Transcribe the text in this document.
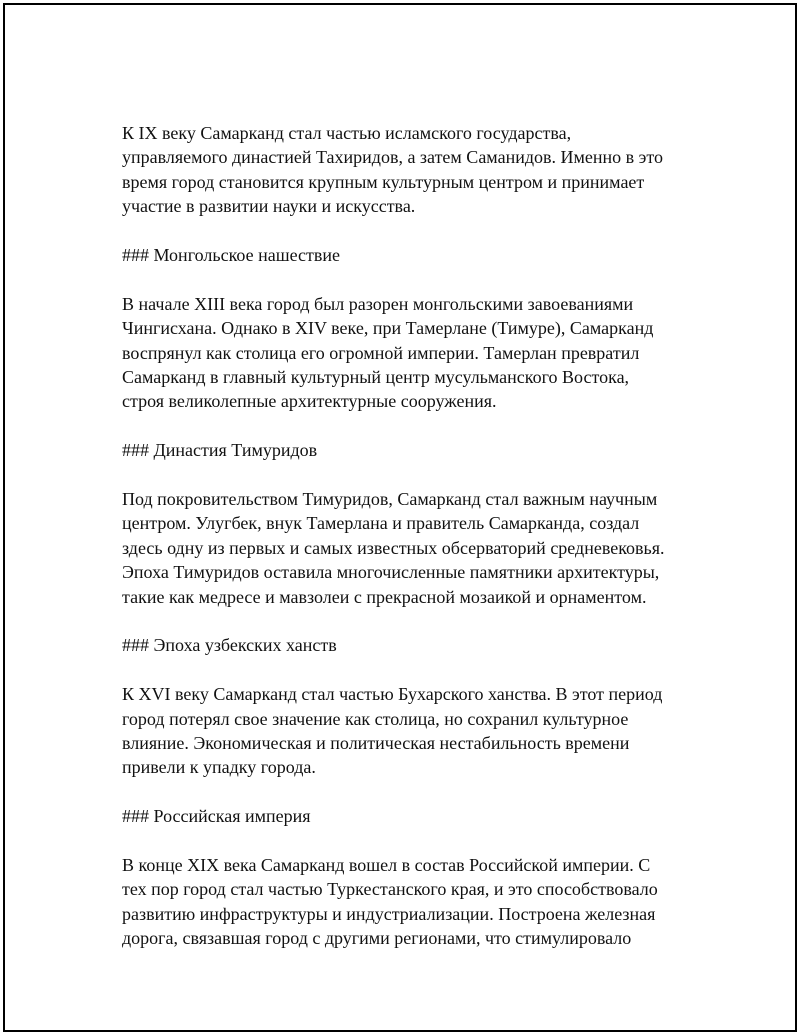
К IX веку Самарканд стал частью исламского государства,
управляемого династией Тахиридов, а затем Саманидов. Именно в это
время город становится крупным культурным центром и принимает
участие в развитии науки и искусства.
### Монгольское нашествие
В начале XIII века город был разорен монгольскими завоеваниями
Чингисхана. Однако в XIV веке, при Тамерлане (Тимуре), Самарканд
воспрянул как столица его огромной империи. Тамерлан превратил
Самарканд в главный культурный центр мусульманского Востока,
строя великолепные архитектурные сооружения.
### Династия Тимуридов
Под покровительством Тимуридов, Самарканд стал важным научным
центром. Улугбек, внук Тамерлана и правитель Самарканда, создал
здесь одну из первых и самых известных обсерваторий средневековья.
Эпоха Тимуридов оставила многочисленные памятники архитектуры,
такие как медресе и мавзолеи с прекрасной мозаикой и орнаментом.
### Эпоха узбекских ханств
К XVI веку Самарканд стал частью Бухарского ханства. В этот период
город потерял свое значение как столица, но сохранил культурное
влияние. Экономическая и политическая нестабильность времени
привели к упадку города.
### Российская империя
В конце XIX века Самарканд вошел в состав Российской империи. С
тех пор город стал частью Туркестанского края, и это способствовало
развитию инфраструктуры и индустриализации. Построена железная
дорога, связавшая город с другими регионами, что стимулировало
